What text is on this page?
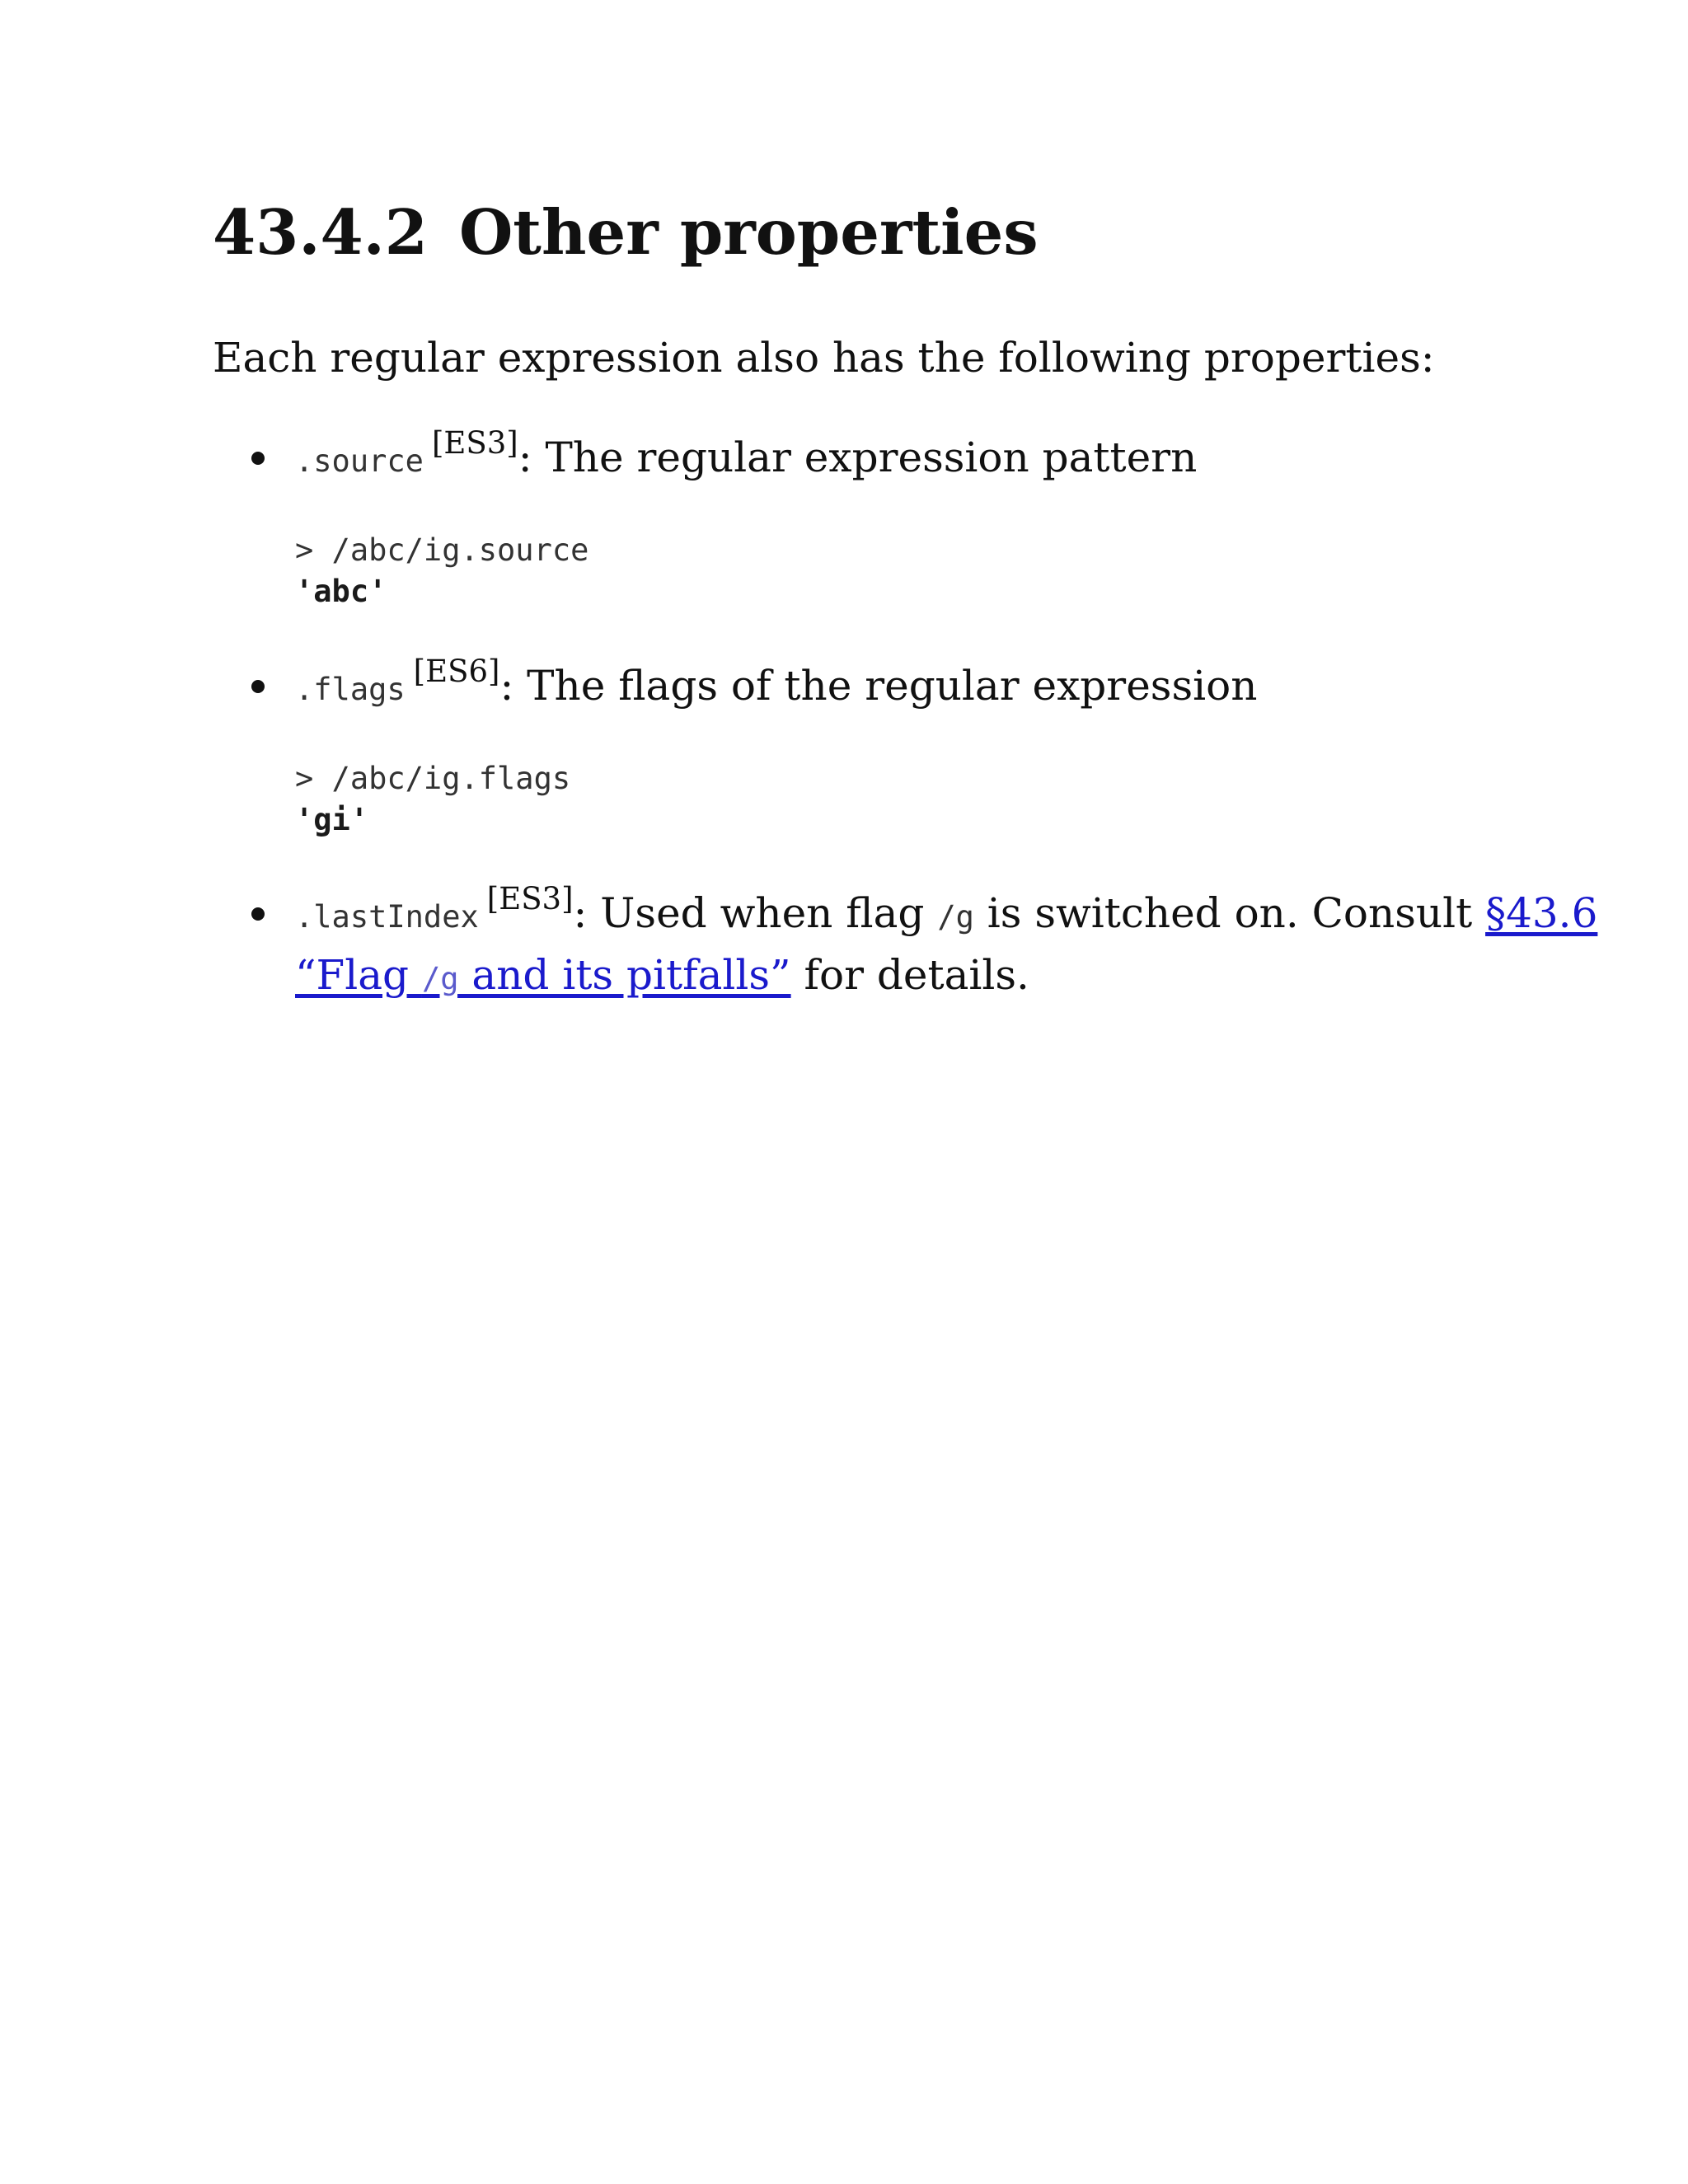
43.4.2 Other properties

Each regular expression also has the following properties:

.source[ES3]: The regular expression pattern
> /abc/ig.source
'abc'
.flags[ES6]: The flags of the regular expression
> /abc/ig.flags
'gi'
.lastIndex[ES3]: Used when flag /g is switched on. Consult §43.6
“Flag /g and its pitfalls” for details.
